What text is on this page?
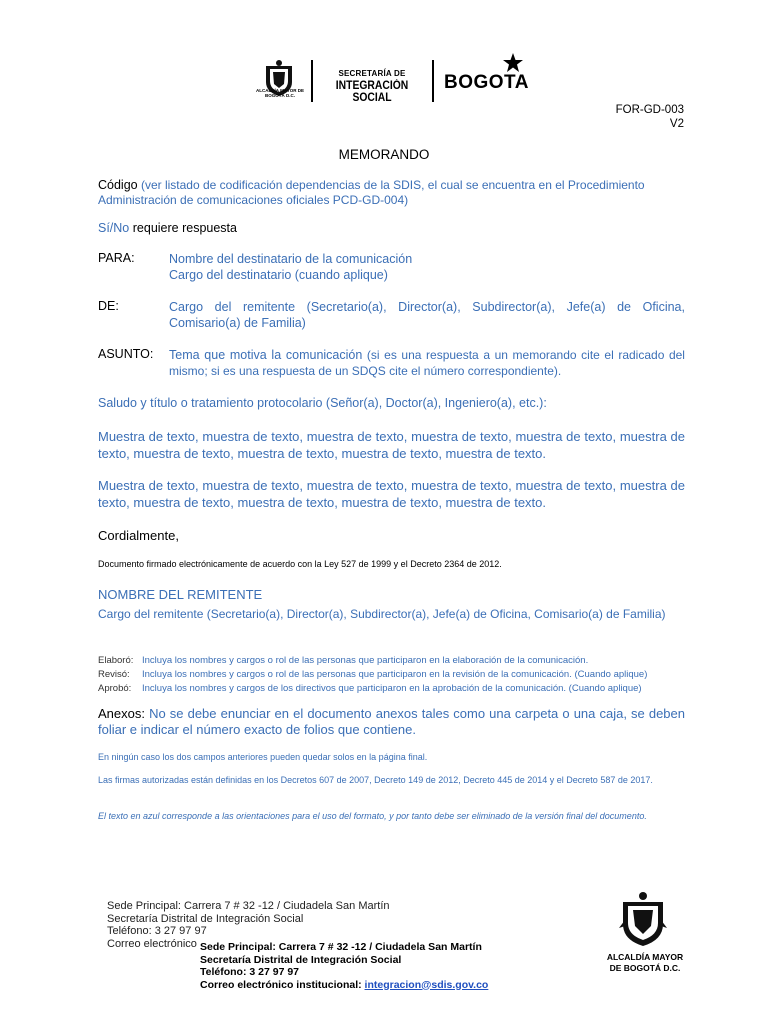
ALCALDÍA MAYOR DE BOGOTÁ D.C.
SECRETARÍA DE
INTEGRACIÓN SOCIAL
BOGOTA
FOR-GD-003
V2
MEMORANDO
Código (ver listado de codificación dependencias de la SDIS, el cual se encuentra en el Procedimiento Administración de comunicaciones oficiales PCD-GD-004)
Sí/No requiere respuesta
PARA:	Nombre del destinatario de la comunicación
Cargo del destinatario (cuando aplique)
DE:	Cargo del remitente (Secretario(a), Director(a), Subdirector(a), Jefe(a) de Oficina, Comisario(a) de Familia)
ASUNTO: Tema que motiva la comunicación (si es una respuesta a un memorando cite el radicado del mismo; si es una respuesta de un SDQS cite el número correspondiente).
Saludo y título o tratamiento protocolario (Señor(a), Doctor(a), Ingeniero(a), etc.):
Muestra de texto, muestra de texto, muestra de texto, muestra de texto, muestra de texto, muestra de texto, muestra de texto, muestra de texto, muestra de texto, muestra de texto.
Muestra de texto, muestra de texto, muestra de texto, muestra de texto, muestra de texto, muestra de texto, muestra de texto, muestra de texto, muestra de texto, muestra de texto.
Cordialmente,
Documento firmado electrónicamente de acuerdo con la Ley 527 de 1999 y el Decreto 2364 de 2012.
NOMBRE DEL REMITENTE
Cargo del remitente (Secretario(a), Director(a), Subdirector(a), Jefe(a) de Oficina, Comisario(a) de Familia)
Elaboró: Incluya los nombres y cargos o rol de las personas que participaron en la elaboración de la comunicación.
Revisó: Incluya los nombres y cargos o rol de las personas que participaron en la revisión de la comunicación. (Cuando aplique)
Aprobó: Incluya los nombres y cargos de los directivos que participaron en la aprobación de la comunicación. (Cuando aplique)
Anexos: No se debe enunciar en el documento anexos tales como una carpeta o una caja, se deben foliar e indicar el número exacto de folios que contiene.
En ningún caso los dos campos anteriores pueden quedar solos en la página final.
Las firmas autorizadas están definidas en los Decretos 607 de 2007, Decreto 149 de 2012, Decreto 445 de 2014 y el Decreto 587 de 2017.
El texto en azul corresponde a las orientaciones para el uso del formato, y por tanto debe ser eliminado de la versión final del documento.
Sede Principal: Carrera 7 # 32 -12 / Ciudadela San Martín
Secretaría Distrital de Integración Social
Teléfono: 3 27 97 97
Correo electrónico Sede Principal: Carrera 7 # 32 -12 / Ciudadela San Martín
Secretaría Distrital de Integración Social
Teléfono: 3 27 97 97
Correo electrónico institucional: integracion@sdis.gov.co
ALCALDÍA MAYOR
DE BOGOTÁ D.C.
